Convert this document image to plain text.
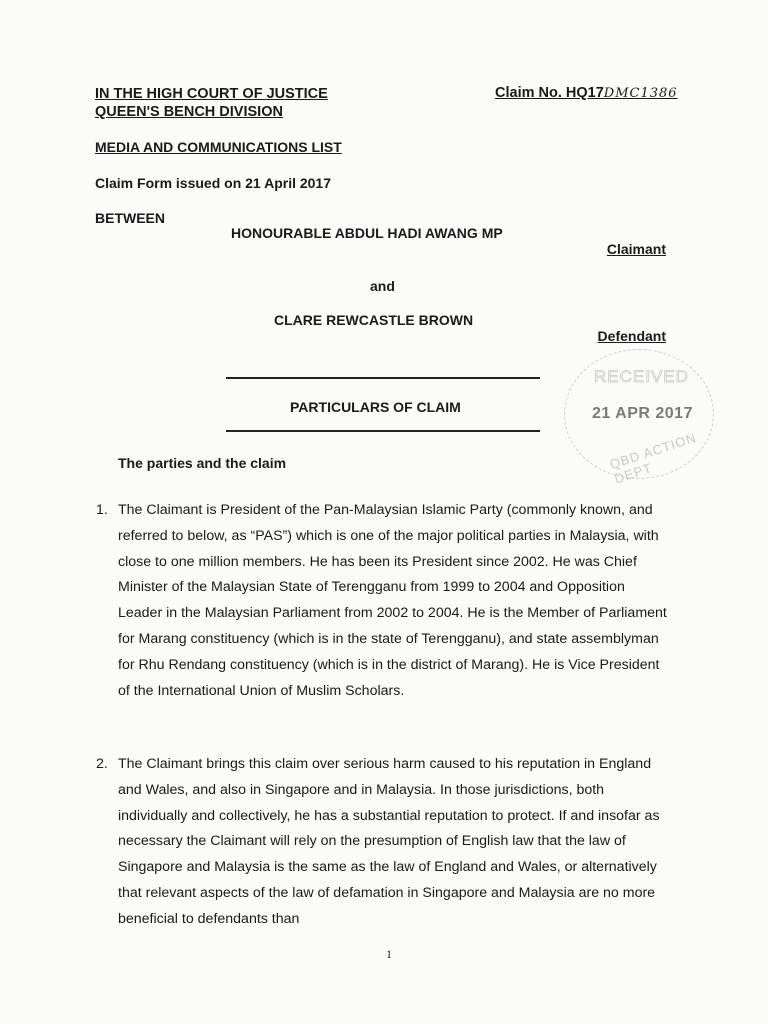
IN THE HIGH COURT OF JUSTICE
QUEEN'S BENCH DIVISION
Claim No. HQ17DMC1386
MEDIA AND COMMUNICATIONS LIST
Claim Form issued on 21 April 2017
BETWEEN
HONOURABLE ABDUL HADI AWANG MP
Claimant
and
CLARE REWCASTLE BROWN
Defendant
PARTICULARS OF CLAIM
RECEIVED
21 APR 2017
QBD ACTION DEPT
The parties and the claim
1. The Claimant is President of the Pan-Malaysian Islamic Party (commonly known, and referred to below, as “PAS”) which is one of the major political parties in Malaysia, with close to one million members. He has been its President since 2002. He was Chief Minister of the Malaysian State of Terengganu from 1999 to 2004 and Opposition Leader in the Malaysian Parliament from 2002 to 2004. He is the Member of Parliament for Marang constituency (which is in the state of Terengganu), and state assemblyman for Rhu Rendang constituency (which is in the district of Marang). He is Vice President of the International Union of Muslim Scholars.
2. The Claimant brings this claim over serious harm caused to his reputation in England and Wales, and also in Singapore and in Malaysia. In those jurisdictions, both individually and collectively, he has a substantial reputation to protect. If and insofar as necessary the Claimant will rely on the presumption of English law that the law of Singapore and Malaysia is the same as the law of England and Wales, or alternatively that relevant aspects of the law of defamation in Singapore and Malaysia are no more beneficial to defendants than
1
